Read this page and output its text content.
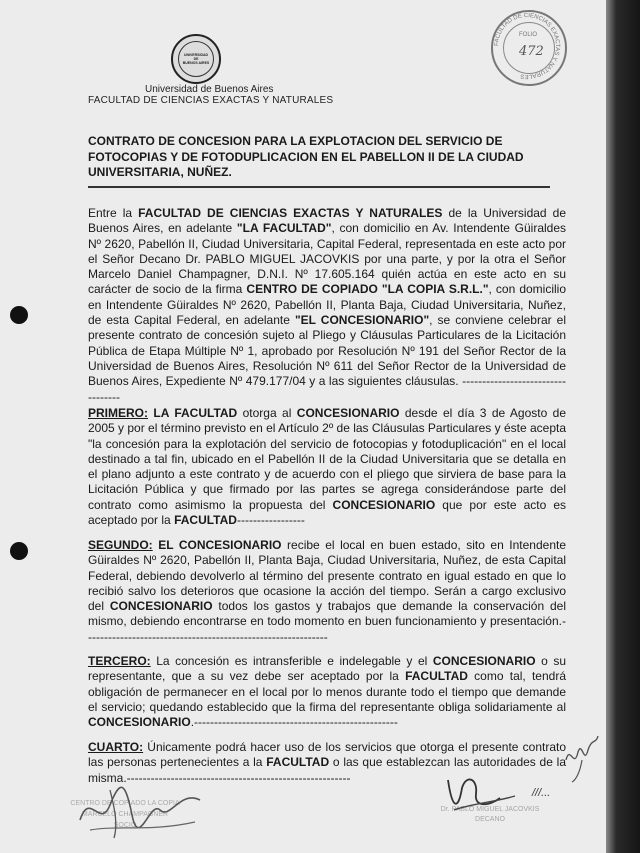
UNIVERSIDAD
DE
BUENOS AIRES
Universidad de Buenos Aires
FACULTAD DE CIENCIAS EXACTAS Y NATURALES
FACULTAD DE CIENCIAS EXACTAS Y NATURALES
FOLIO
472
CONTRATO DE CONCESION PARA LA EXPLOTACION DEL SERVICIO DE FOTOCOPIAS Y DE FOTODUPLICACION EN EL PABELLON II DE LA CIUDAD UNIVERSITARIA, NUÑEZ.
Entre la FACULTAD DE CIENCIAS EXACTAS Y NATURALES de la Universidad de Buenos Aires, en adelante "LA FACULTAD", con domicilio en Av. Intendente Güiraldes Nº 2620, Pabellón II, Ciudad Universitaria, Capital Federal, representada en este acto por el Señor Decano Dr. PABLO MIGUEL JACOVKIS por una parte, y por la otra el Señor Marcelo Daniel Champagner, D.N.I. Nº 17.605.164 quién actúa en este acto en su carácter de socio de la firma CENTRO DE COPIADO "LA COPIA S.R.L.", con domicilio en Intendente Güiraldes Nº 2620, Pabellón II, Planta Baja, Ciudad Universitaria, Nuñez, de esta Capital Federal, en adelante "EL CONCESIONARIO", se conviene celebrar el presente contrato de concesión sujeto al Pliego y Cláusulas Particulares de la Licitación Pública de Etapa Múltiple Nº 1, aprobado por Resolución Nº 191 del Señor Rector de la Universidad de Buenos Aires, Resolución Nº 611 del Señor Rector de la Universidad de Buenos Aires, Expediente Nº 479.177/04 y a las siguientes cláusulas. ----------------------------------
PRIMERO: LA FACULTAD otorga al CONCESIONARIO desde el día 3 de Agosto de 2005 y por el término previsto en el Artículo 2º de las Cláusulas Particulares y éste acepta "la concesión para la explotación del servicio de fotocopias y fotoduplicación" en el local destinado a tal fin, ubicado en el Pabellón II de la Ciudad Universitaria que se detalla en el plano adjunto a este contrato y de acuerdo con el pliego que sirviera de base para la Licitación Pública y que firmado por las partes se agrega considerándose parte del contrato como asimismo la propuesta del CONCESIONARIO que por este acto es aceptado por la FACULTAD-----------------
SEGUNDO: EL CONCESIONARIO recibe el local en buen estado, sito en Intendente Güiraldes Nº 2620, Pabellón II, Planta Baja, Ciudad Universitaria, Nuñez, de esta Capital Federal, debiendo devolverlo al término del presente contrato en igual estado en que lo recibió salvo los deterioros que ocasione la acción del tiempo. Serán a cargo exclusivo del CONCESIONARIO todos los gastos y trabajos que demande la conservación del mismo, debiendo encontrarse en todo momento en buen funcionamiento y presentación.-------------------------------------------------------------
TERCERO: La concesión es intransferible e indelegable y el CONCESIONARIO o su representante, que a su vez debe ser aceptado por la FACULTAD como tal, tendrá obligación de permanecer en el local por lo menos durante todo el tiempo que demande el servicio; quedando establecido que la firma del representante obliga solidariamente al CONCESIONARIO.---------------------------------------------------
CUARTO: Únicamente podrá hacer uso de los servicios que otorga el presente contrato las personas pertenecientes a la FACULTAD o las que establezcan las autoridades de la misma.--------------------------------------------------------
///...
CENTRO DE COPIADO LA COPIA
MARCELO CHAMPAGNER
SOCIO
Dr. PABLO MIGUEL JACOVKIS
DECANO
